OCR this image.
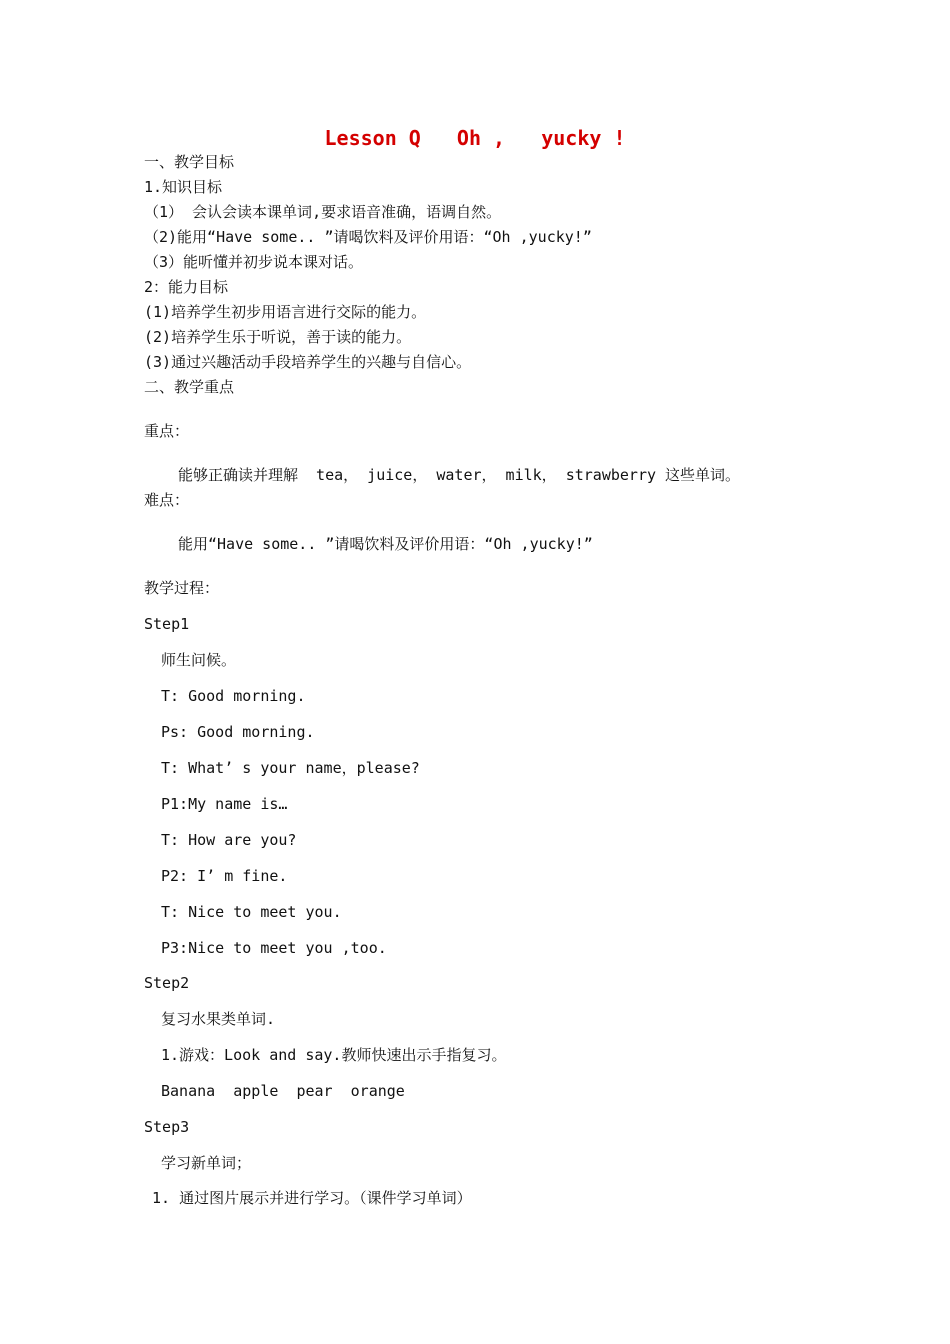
Lesson Q   Oh ,   yucky !
一、教学目标
1.知识目标
（1） 会认会读本课单词,要求语音准确，语调自然。
（2)能用“Have some.. ”请喝饮料及评价用语：“Oh ,yucky!”
（3）能听懂并初步说本课对话。
2：能力目标
(1)培养学生初步用语言进行交际的能力。
(2)培养学生乐于听说，善于读的能力。
(3)通过兴趣活动手段培养学生的兴趣与自信心。
二、教学重点
重点：
能够正确读并理解  tea， juice， water， milk， strawberry 这些单词。
难点：
能用“Have some.. ”请喝饮料及评价用语：“Oh ,yucky!”
教学过程：
Step1
师生问候。
T: Good morning.
Ps: Good morning.
T: What’ s your name，please?
P1:My name is…
T: How are you?
P2: I’ m fine.
T: Nice to meet you.
P3:Nice to meet you ,too.
Step2
复习水果类单词.
1.游戏：Look and say.教师快速出示手指复习。
Banana  apple  pear  orange
Step3
学习新单词；
1. 通过图片展示并进行学习。（课件学习单词）
